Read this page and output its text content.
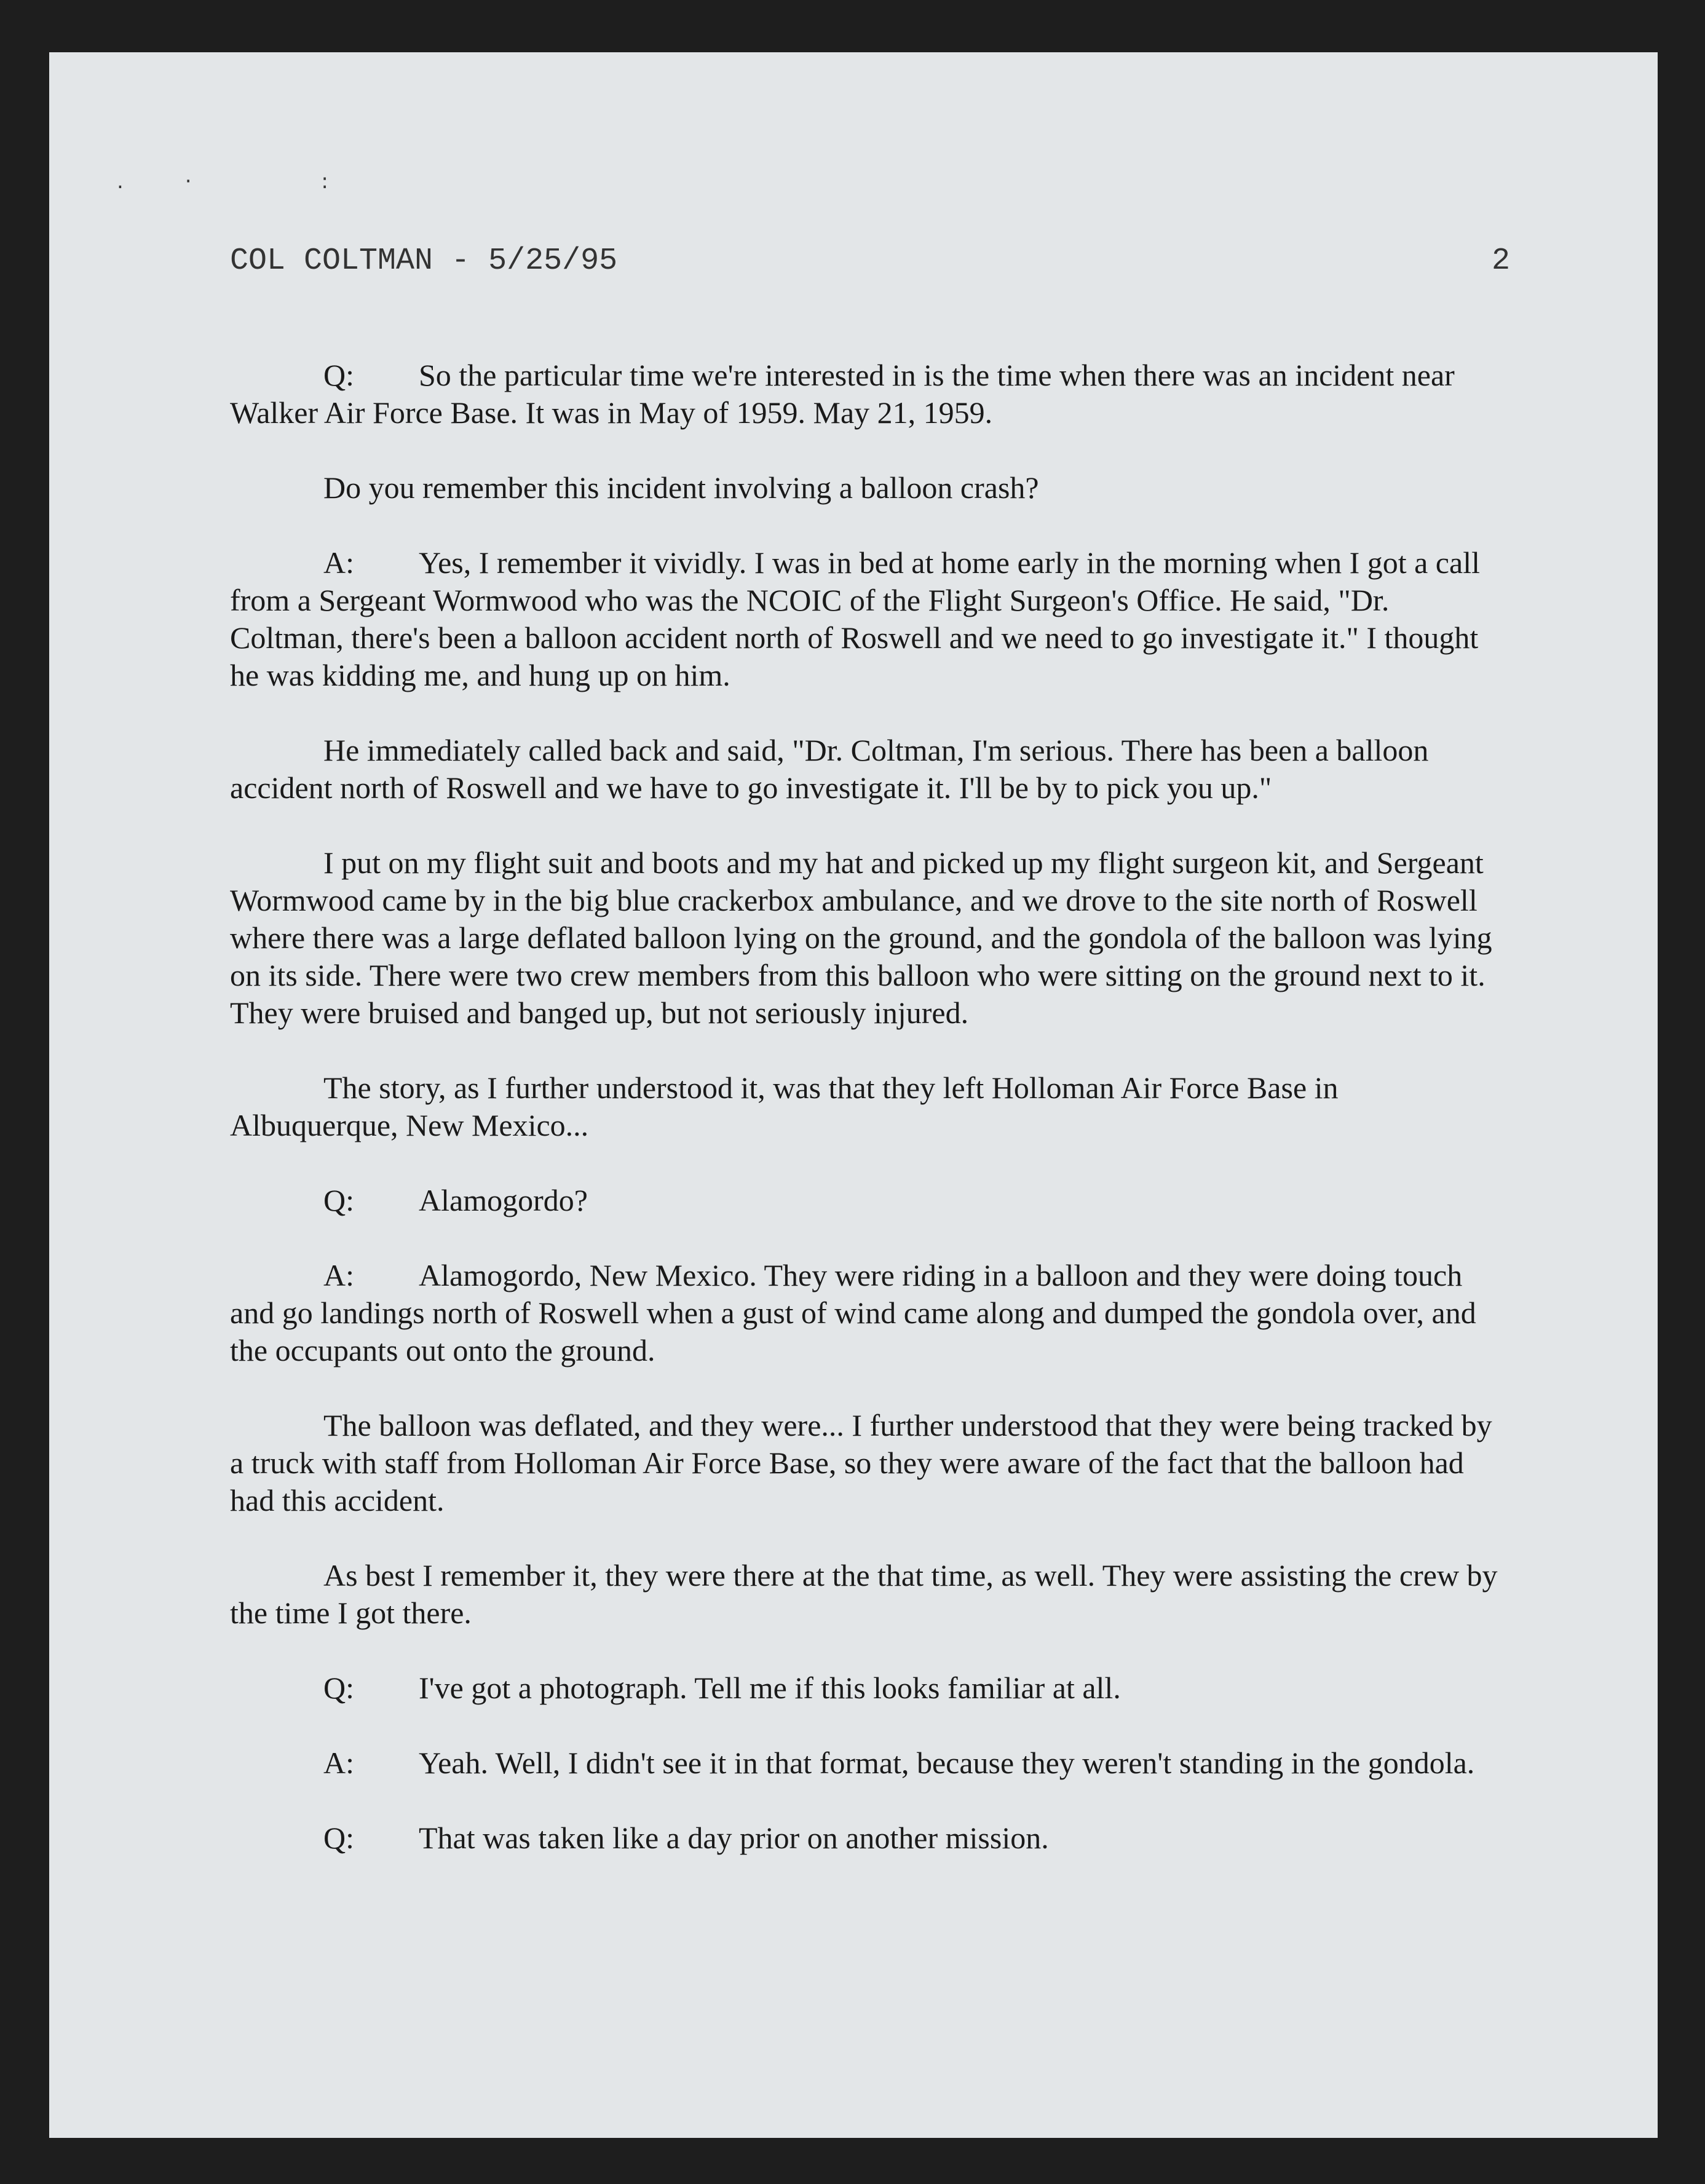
.· :
COL COLTMAN - 5/25/95	2

Q: So the particular time we're interested in is the time when there was an incident near Walker Air Force Base. It was in May of 1959. May 21, 1959.

Do you remember this incident involving a balloon crash?

A: Yes, I remember it vividly. I was in bed at home early in the morning when I got a call from a Sergeant Wormwood who was the NCOIC of the Flight Surgeon's Office. He said, "Dr. Coltman, there's been a balloon accident north of Roswell and we need to go investigate it." I thought he was kidding me, and hung up on him.

He immediately called back and said, "Dr. Coltman, I'm serious. There has been a balloon accident north of Roswell and we have to go investigate it. I'll be by to pick you up."

I put on my flight suit and boots and my hat and picked up my flight surgeon kit, and Sergeant Wormwood came by in the big blue crackerbox ambulance, and we drove to the site north of Roswell where there was a large deflated balloon lying on the ground, and the gondola of the balloon was lying on its side. There were two crew members from this balloon who were sitting on the ground next to it. They were bruised and banged up, but not seriously injured.

The story, as I further understood it, was that they left Holloman Air Force Base in Albuquerque, New Mexico...

Q: Alamogordo?

A: Alamogordo, New Mexico. They were riding in a balloon and they were doing touch and go landings north of Roswell when a gust of wind came along and dumped the gondola over, and the occupants out onto the ground.

The balloon was deflated, and they were... I further understood that they were being tracked by a truck with staff from Holloman Air Force Base, so they were aware of the fact that the balloon had had this accident.

As best I remember it, they were there at the that time, as well. They were assisting the crew by the time I got there.

Q: I've got a photograph. Tell me if this looks familiar at all.

A: Yeah. Well, I didn't see it in that format, because they weren't standing in the gondola.

Q: That was taken like a day prior on another mission.
